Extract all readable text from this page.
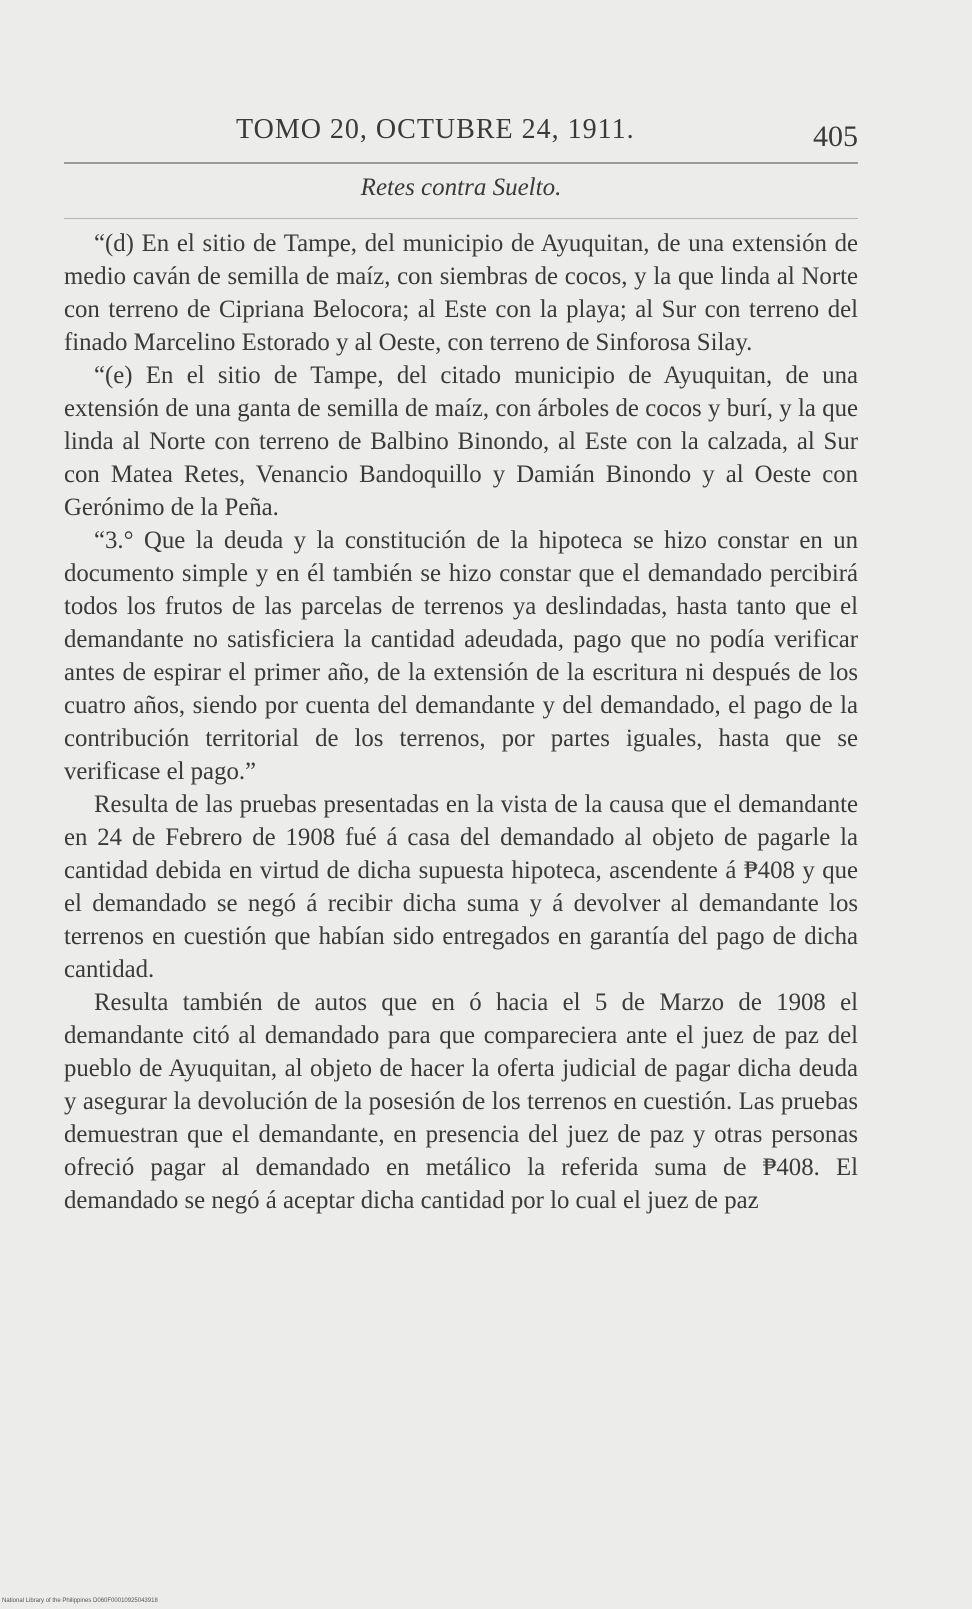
TOMO 20, OCTUBRE 24, 1911.	405
Retes contra Suelto.

“(d) En el sitio de Tampe, del municipio de Ayuquitan, de una extensión de medio caván de semilla de maíz, con siembras de cocos, y la que linda al Norte con terreno de Cipriana Belocora; al Este con la playa; al Sur con terreno del finado Marcelino Estorado y al Oeste, con terreno de Sinforosa Silay.

“(e) En el sitio de Tampe, del citado municipio de Ayuquitan, de una extensión de una ganta de semilla de maíz, con árboles de cocos y burí, y la que linda al Norte con terreno de Balbino Binondo, al Este con la calzada, al Sur con Matea Retes, Venancio Bandoquillo y Damián Binondo y al Oeste con Gerónimo de la Peña.

“3.° Que la deuda y la constitución de la hipoteca se hizo constar en un documento simple y en él también se hizo constar que el demandado percibirá todos los frutos de las parcelas de terrenos ya deslindadas, hasta tanto que el demandante no satisficiera la cantidad adeudada, pago que no podía verificar antes de espirar el primer año, de la extensión de la escritura ni después de los cuatro años, siendo por cuenta del demandante y del demandado, el pago de la contribución territorial de los terrenos, por partes iguales, hasta que se verificase el pago.”

Resulta de las pruebas presentadas en la vista de la causa que el demandante en 24 de Febrero de 1908 fué á casa del demandado al objeto de pagarle la cantidad debida en virtud de dicha supuesta hipoteca, ascendente á ₱408 y que el demandado se negó á recibir dicha suma y á devolver al demandante los terrenos en cuestión que habían sido entregados en garantía del pago de dicha cantidad.

Resulta también de autos que en ó hacia el 5 de Marzo de 1908 el demandante citó al demandado para que compareciera ante el juez de paz del pueblo de Ayuquitan, al objeto de hacer la oferta judicial de pagar dicha deuda y asegurar la devolución de la posesión de los terrenos en cuestión. Las pruebas demuestran que el demandante, en presencia del juez de paz y otras personas ofreció pagar al demandado en metálico la referida suma de ₱408. El demandado se negó á aceptar dicha cantidad por lo cual el juez de paz

National Library of the Philippines D060F00010925043918
